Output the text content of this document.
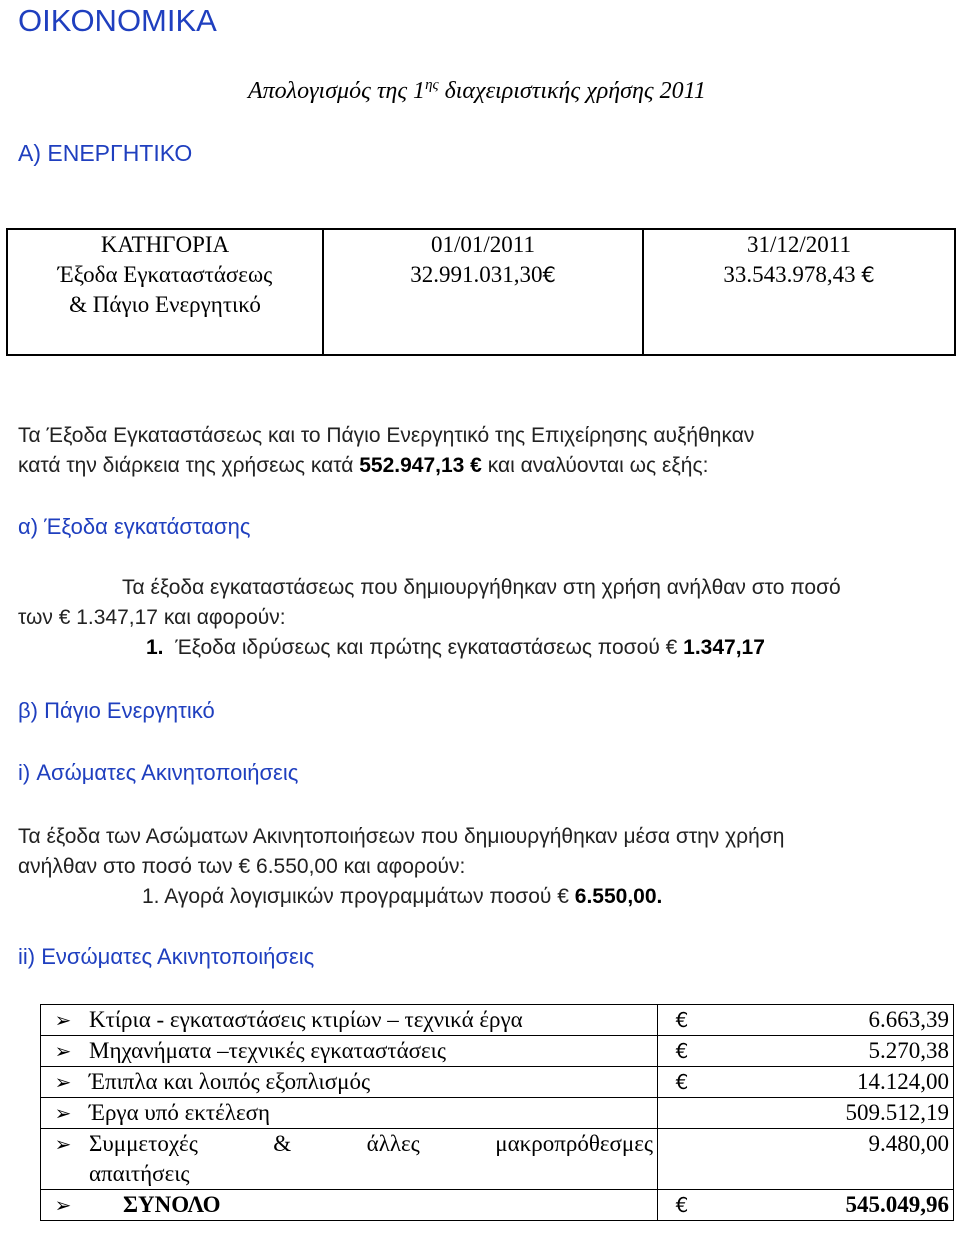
ΟΙΚΟΝΟΜΙΚΑ
Απολογισμός της $1^{\eta\varsigma}$ διαχειριστικής χρήσης 2011
Α) ΕΝΕΡΓΗΤΙΚΟ
ΚΑΤΗΓΟΡΙΑ	01/01/2011	31/12/2011

Έξοδα Εγκαταστάσεως
& Πάγιο Ενεργητικό	32.991.031,30€	33.543.978,43 €
Τα Έξοδα Εγκαταστάσεως και το Πάγιο Ενεργητικό της Επιχείρησης αυξήθηκαν
κατά την διάρκεια της χρήσεως κατά 552.947,13 € και αναλύονται ως εξής:
α) Έξοδα εγκατάστασης
Τα έξοδα εγκαταστάσεως που δημιουργήθηκαν στη χρήση ανήλθαν στο ποσό
των € 1.347,17 και αφορούν:
1. Έξοδα ιδρύσεως και πρώτης εγκαταστάσεως ποσού € 1.347,17
β) Πάγιο Ενεργητικό
i) Ασώματες Ακινητοποιήσεις
Τα έξοδα των Ασώματων Ακινητοποιήσεων που δημιουργήθηκαν μέσα στην χρήση
ανήλθαν στο ποσό των € 6.550,00 και αφορούν:
1. Αγορά λογισμικών προγραμμάτων ποσού € 6.550,00.
ii) Ενσώματες Ακινητοποιήσεις
➢	Κτίρια - εγκαταστάσεις κτιρίων – τεχνικά έργα	€	6.663,39
➢	Μηχανήματα –τεχνικές εγκαταστάσεις	€	5.270,38
➢	Έπιπλα και λοιπός εξοπλισμός	€	14.124,00
➢	Έργα υπό εκτέλεση		509.512,19
➢	Συμμετοχές & άλλες μακροπρόθεσμες
απαιτήσεις		9.480,00
➢	ΣΥΝΟΛΟ	€	545.049,96
